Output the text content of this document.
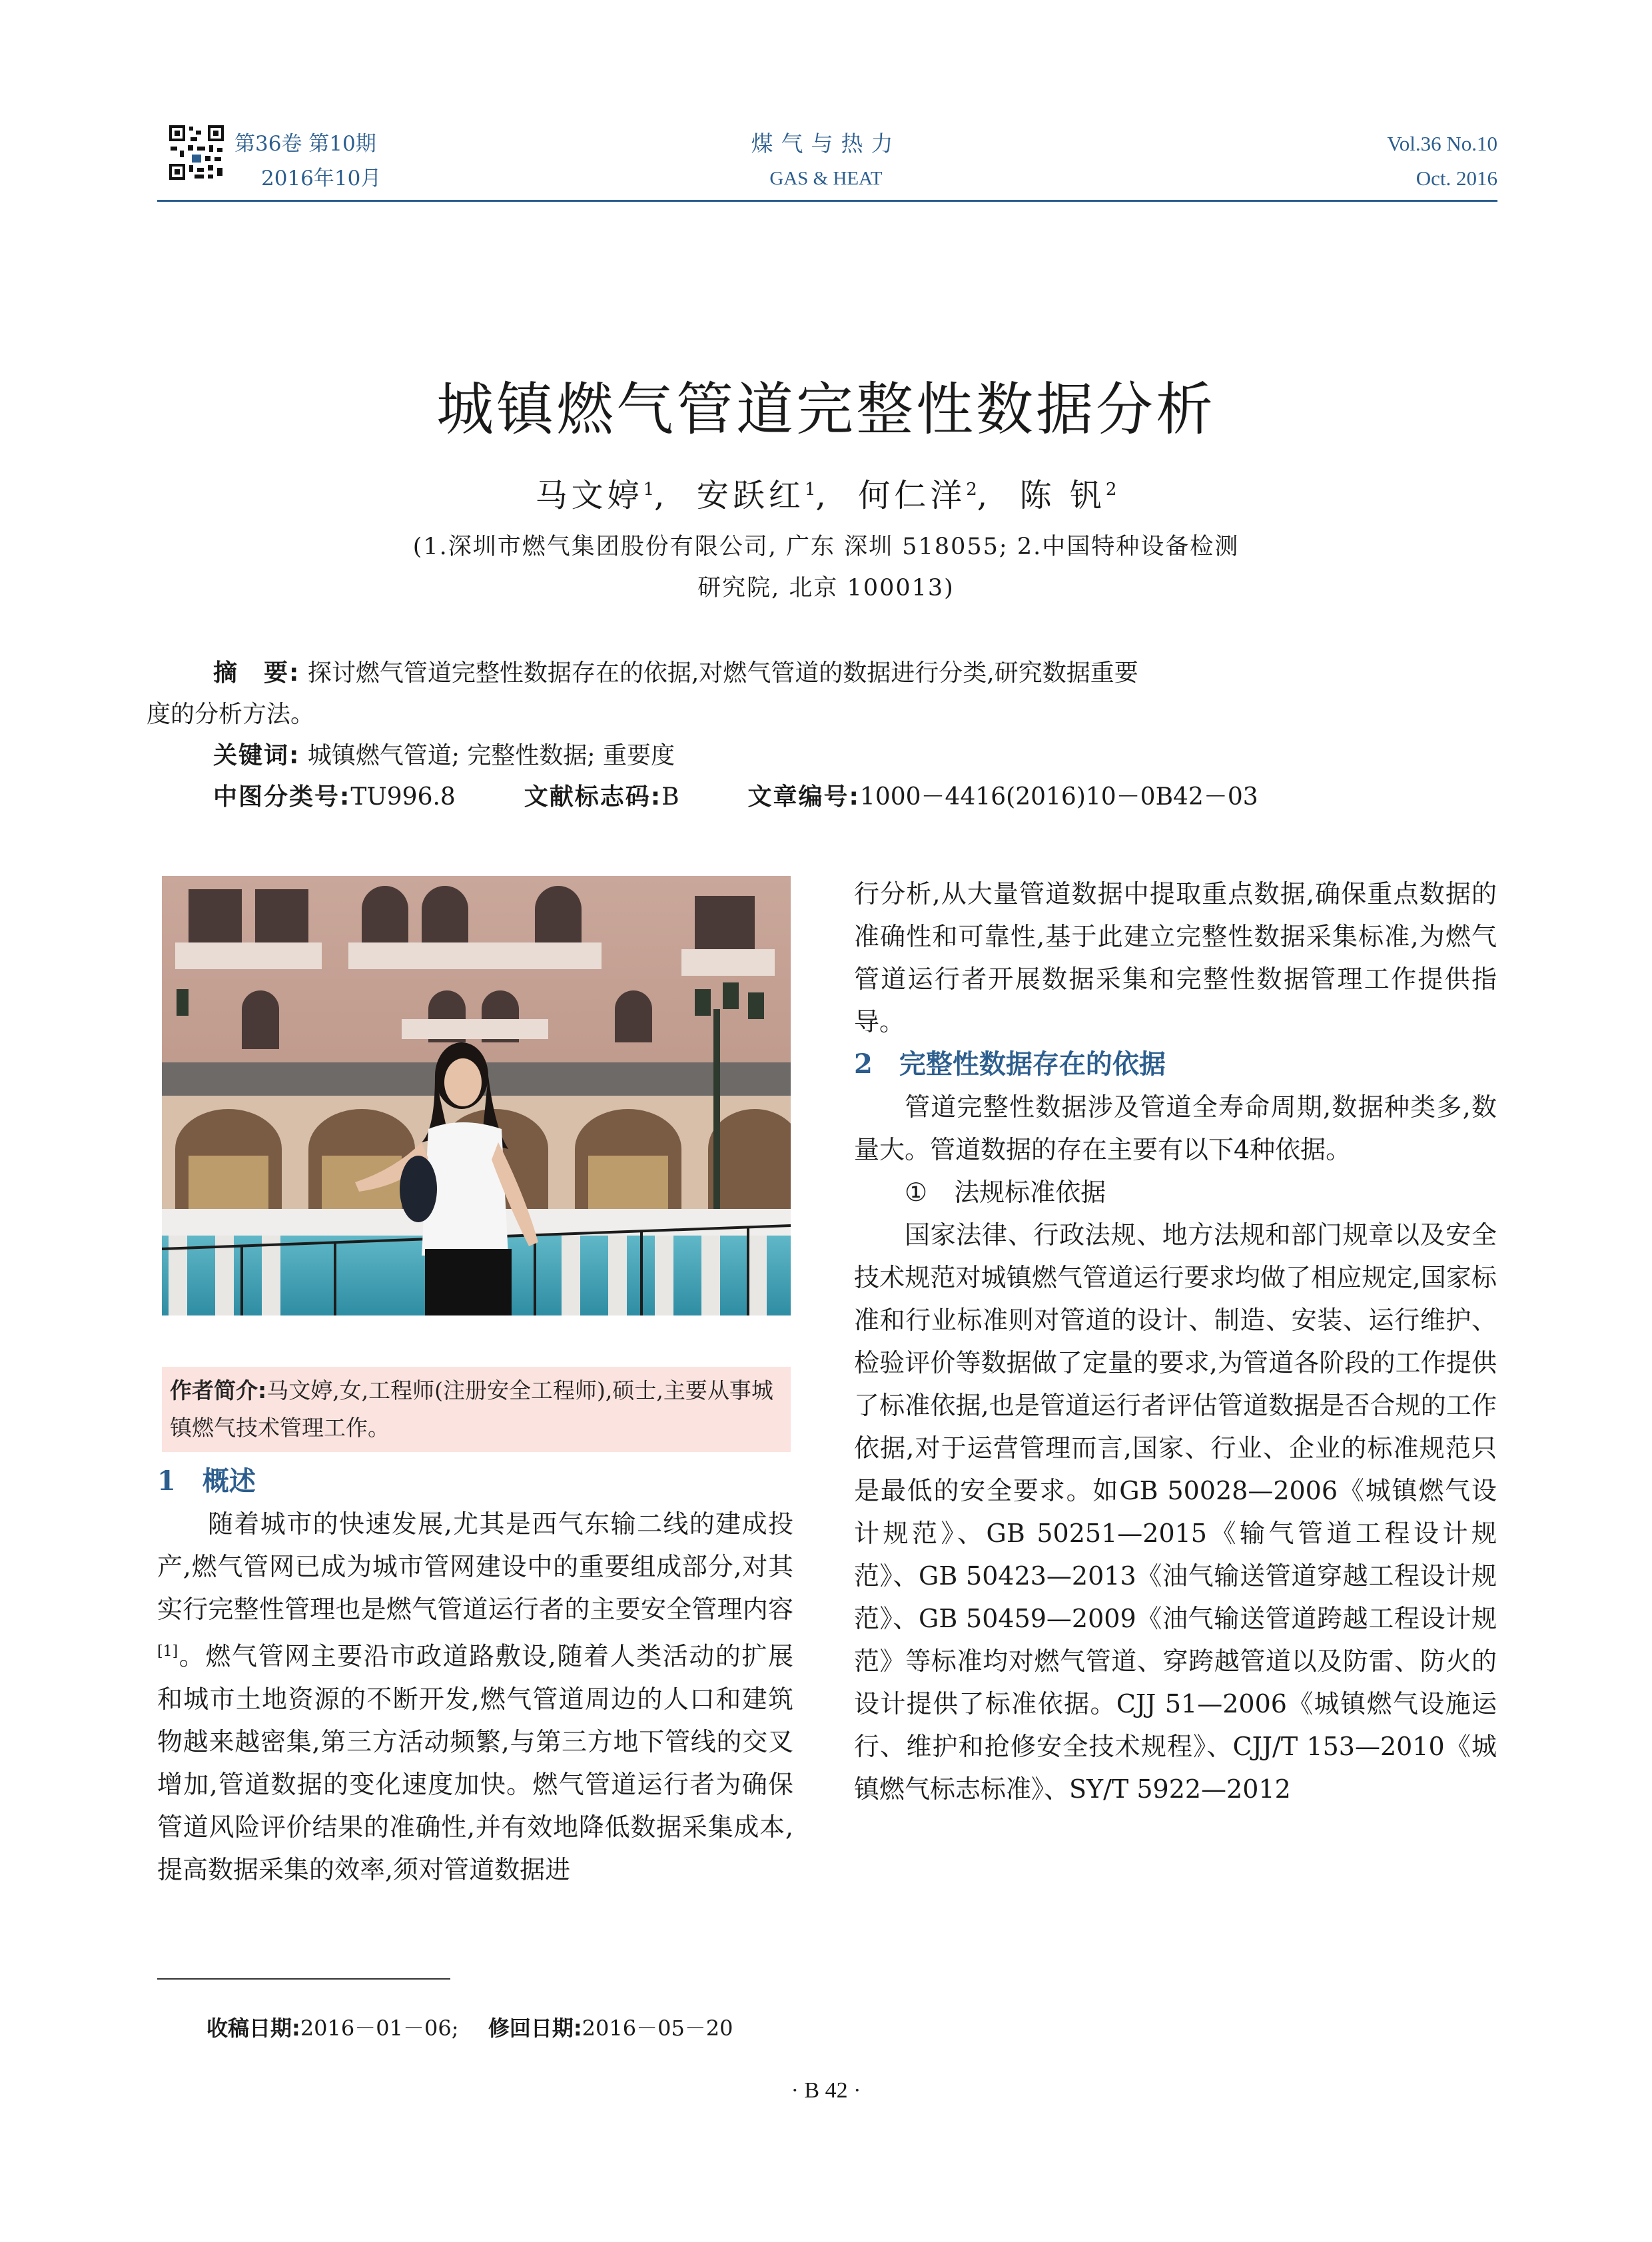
第36卷 第10期
2016年10月
煤气与热力
GAS & HEAT
Vol.36 No.10
Oct. 2016
城镇燃气管道完整性数据分析
马文婷$^1$,  安跃红$^1$,  何仁洋$^2$,  陈 钒$^2$
(1.深圳市燃气集团股份有限公司, 广东 深圳 518055; 2.中国特种设备检测
研究院, 北京 100013)
摘　要: 探讨燃气管道完整性数据存在的依据,对燃气管道的数据进行分类,研究数据重要
度的分析方法。
关键词: 城镇燃气管道; 完整性数据; 重要度
中图分类号:TU996.8	文献标志码:B	文章编号:1000－4416(2016)10－0B42－03
作者简介:马文婷,女,工程师(注册安全工程师),硕士,主要从事城镇燃气技术管理工作。
1 概述

随着城市的快速发展,尤其是西气东输二线的建成投产,燃气管网已成为城市管网建设中的重要组成部分,对其实行完整性管理也是燃气管道运行者的主要安全管理内容[1]。燃气管网主要沿市政道路敷设,随着人类活动的扩展和城市土地资源的不断开发,燃气管道周边的人口和建筑物越来越密集,第三方活动频繁,与第三方地下管线的交叉增加,管道数据的变化速度加快。燃气管道运行者为确保管道风险评价结果的准确性,并有效地降低数据采集成本,提高数据采集的效率,须对管道数据进

行分析,从大量管道数据中提取重点数据,确保重点数据的准确性和可靠性,基于此建立完整性数据采集标准,为燃气管道运行者开展数据采集和完整性数据管理工作提供指导。

2 完整性数据存在的依据

管道完整性数据涉及管道全寿命周期,数据种类多,数量大。管道数据的存在主要有以下4种依据。

① 法规标准依据

国家法律、行政法规、地方法规和部门规章以及安全技术规范对城镇燃气管道运行要求均做了相应规定,国家标准和行业标准则对管道的设计、制造、安装、运行维护、检验评价等数据做了定量的要求,为管道各阶段的工作提供了标准依据,也是管道运行者评估管道数据是否合规的工作依据,对于运营管理而言,国家、行业、企业的标准规范只是最低的安全要求。如GB 50028—2006《城镇燃气设计规范》、GB 50251—2015《输气管道工程设计规范》、GB 50423—2013《油气输送管道穿越工程设计规范》、GB 50459—2009《油气输送管道跨越工程设计规范》等标准均对燃气管道、穿跨越管道以及防雷、防火的设计提供了标准依据。CJJ 51—2006《城镇燃气设施运行、维护和抢修安全技术规程》、CJJ/T 153—2010《城镇燃气标志标准》、SY/T 5922—2012

收稿日期:2016－01－06; 修回日期:2016－05－20
· B 42 ·
